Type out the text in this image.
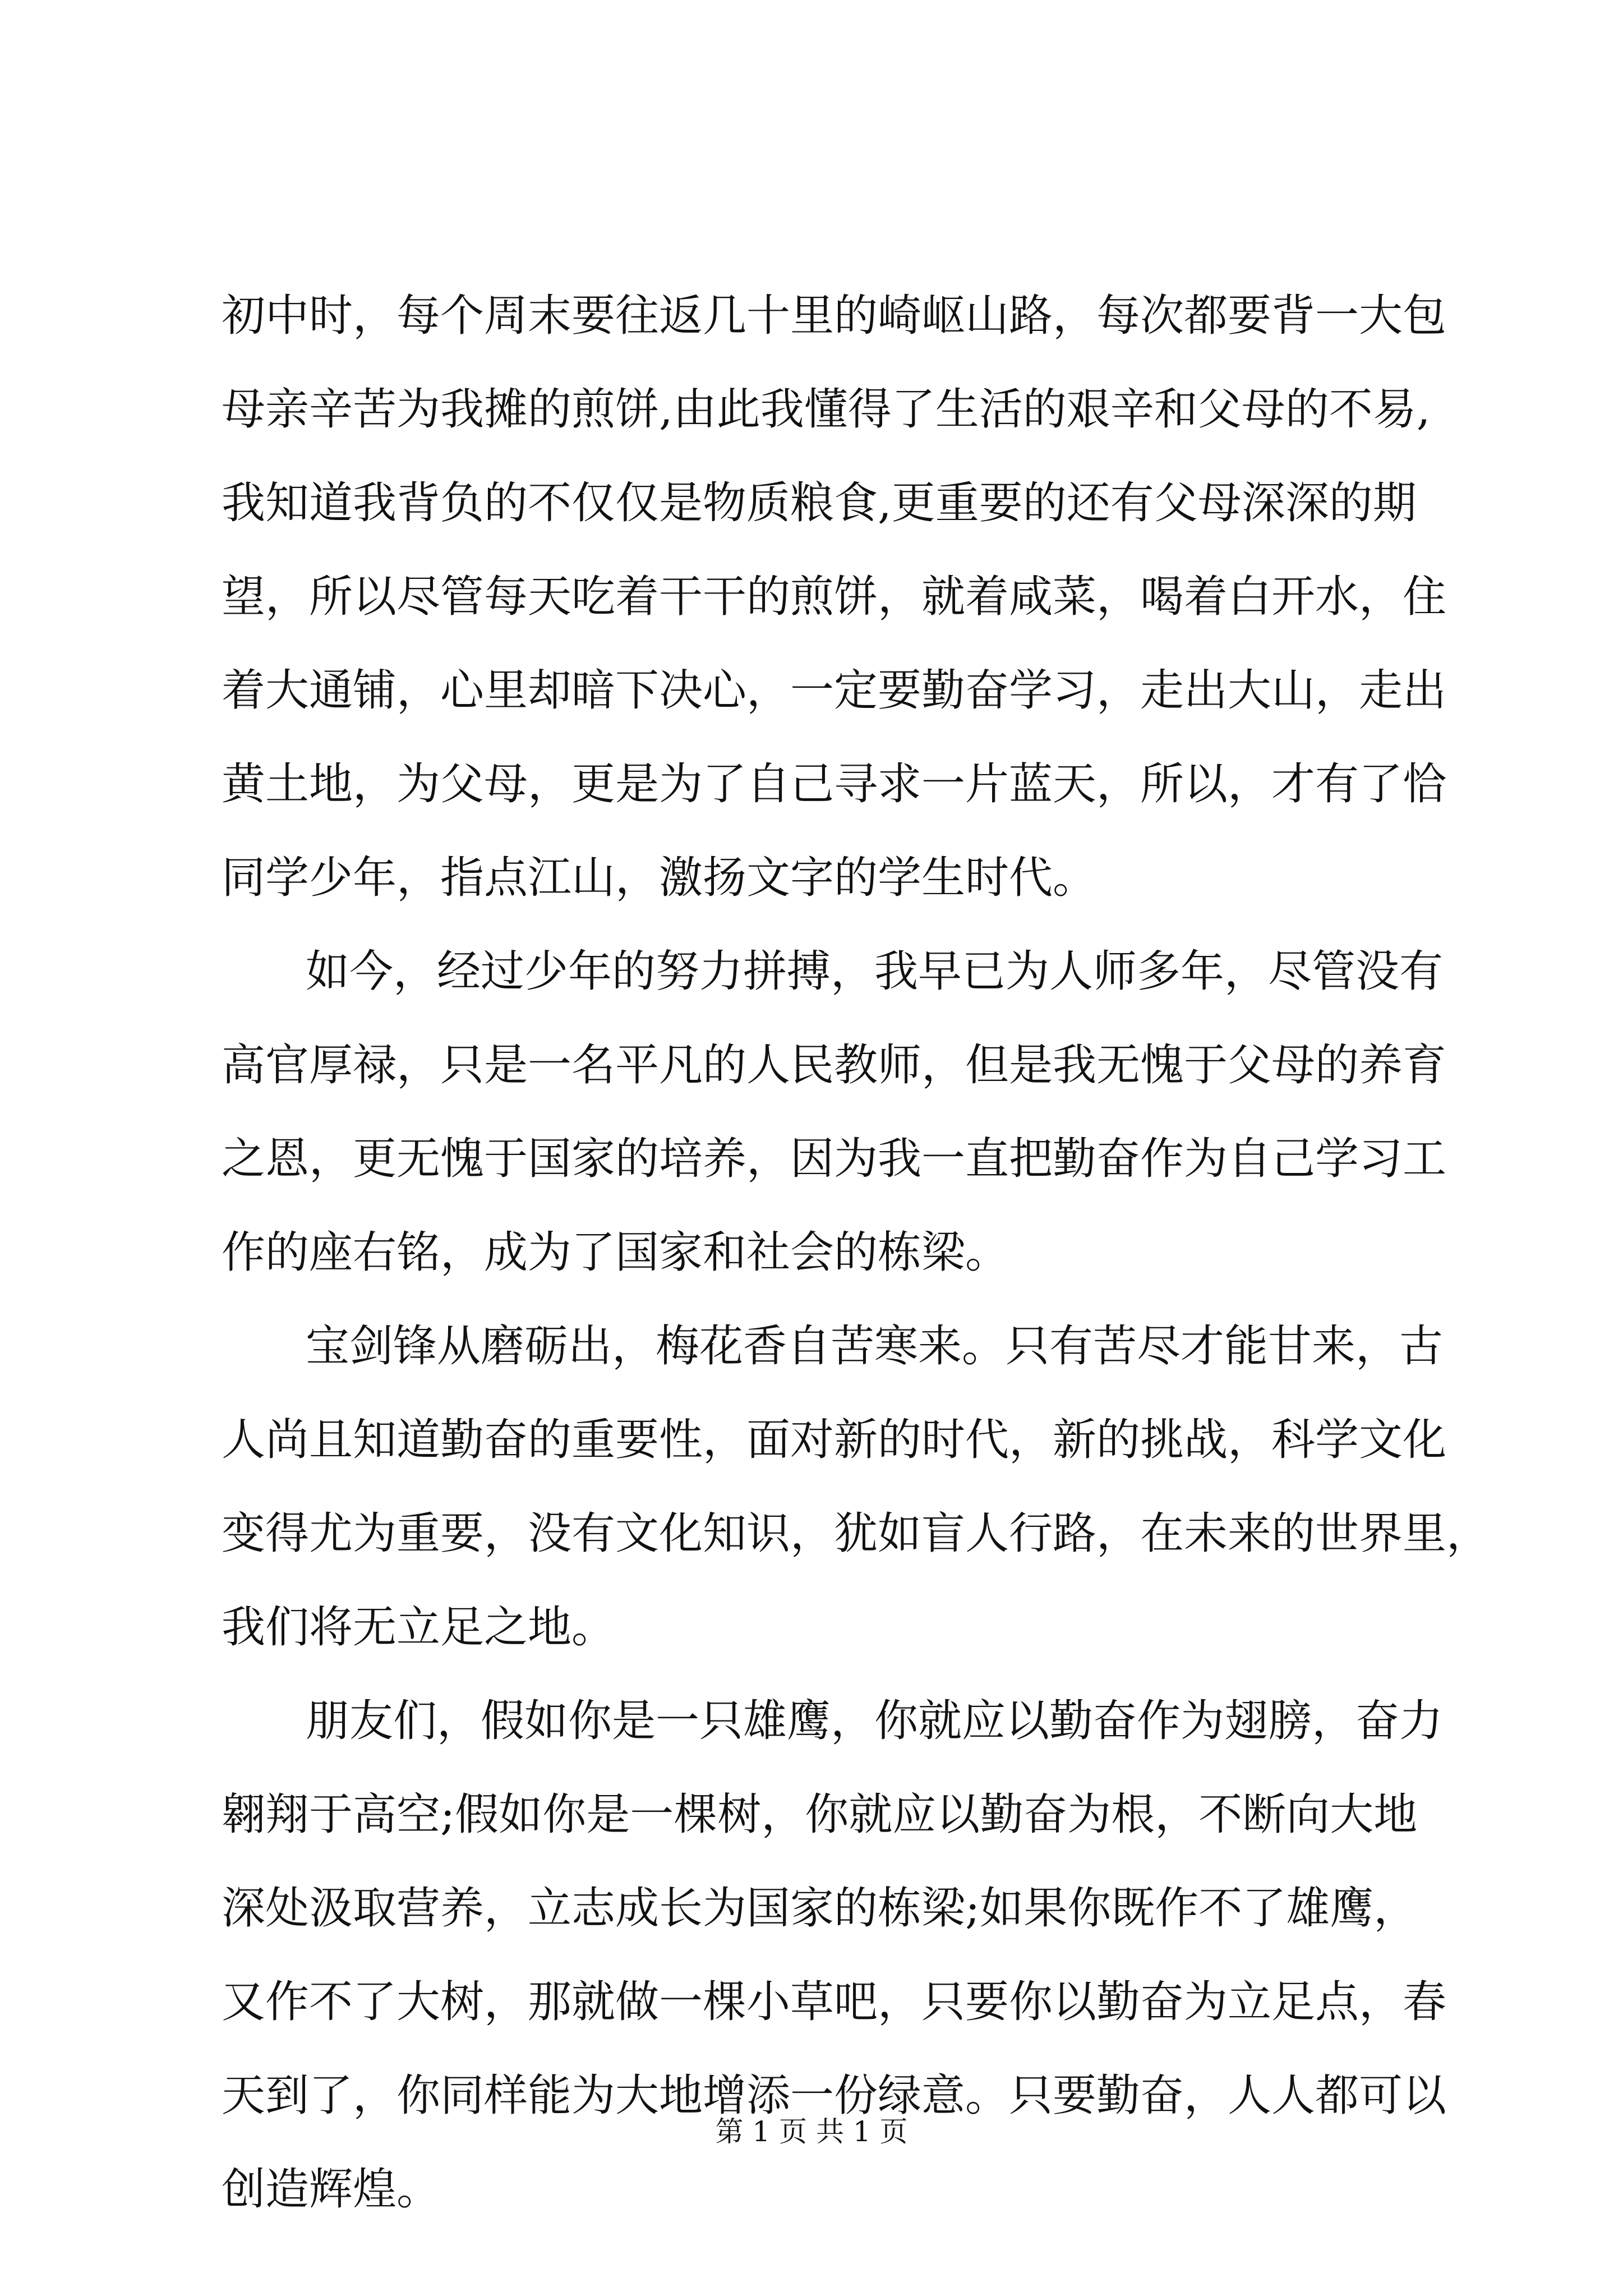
初中时，每个周末要往返几十里的崎岖山路，每次都要背一大包
母亲辛苦为我摊的煎饼,由此我懂得了生活的艰辛和父母的不易,
我知道我背负的不仅仅是物质粮食,更重要的还有父母深深的期
望，所以尽管每天吃着干干的煎饼，就着咸菜，喝着白开水，住
着大通铺，心里却暗下决心，一定要勤奋学习，走出大山，走出
黄土地，为父母，更是为了自己寻求一片蓝天，所以，才有了恰
同学少年，指点江山，激扬文字的学生时代。
如今，经过少年的努力拼搏，我早已为人师多年，尽管没有
高官厚禄，只是一名平凡的人民教师，但是我无愧于父母的养育
之恩，更无愧于国家的培养，因为我一直把勤奋作为自己学习工
作的座右铭，成为了国家和社会的栋梁。
宝剑锋从磨砺出，梅花香自苦寒来。只有苦尽才能甘来，古
人尚且知道勤奋的重要性，面对新的时代，新的挑战，科学文化
变得尤为重要，没有文化知识，犹如盲人行路，在未来的世界里，
我们将无立足之地。
朋友们，假如你是一只雄鹰，你就应以勤奋作为翅膀，奋力
翱翔于高空;假如你是一棵树，你就应以勤奋为根，不断向大地
深处汲取营养，立志成长为国家的栋梁;如果你既作不了雄鹰，
又作不了大树，那就做一棵小草吧，只要你以勤奋为立足点，春
天到了，你同样能为大地增添一份绿意。只要勤奋，人人都可以
创造辉煌。
第 1 页 共 1 页
